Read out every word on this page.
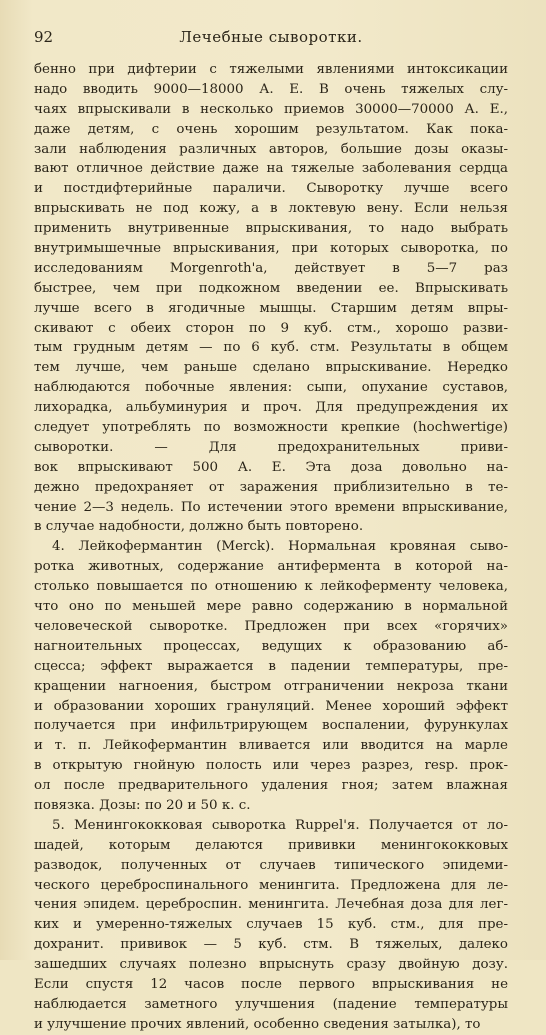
92	Лечебные сыворотки.
бенно при дифтерии с тяжелыми явлениями интоксикации
надо вводить 9000—18000 А. Е. В очень тяжелых слу-
чаях впрыскивали в несколько приемов 30000—70000 А. Е.,
даже детям, с очень хорошим результатом. Как пока-
зали наблюдения различных авторов, большие дозы оказы-
вают отличное действие даже на тяжелые заболевания сердца
и постдифтерийные параличи. Сыворотку лучше всего
впрыскивать не под кожу, а в локтевую вену. Если нельзя
применить внутривенные впрыскивания, то надо выбрать
внутримышечные впрыскивания, при которых сыворотка, по
исследованиям Morgenroth'a, действует в 5—7 раз
быстрее, чем при подкожном введении ее. Впрыскивать
лучше всего в ягодичные мышцы. Старшим детям впры-
скивают с обеих сторон по 9 куб. стм., хорошо разви-
тым грудным детям — по 6 куб. стм. Результаты в общем
тем лучше, чем раньше сделано впрыскивание. Нередко
наблюдаются побочные явления: сыпи, опухание суставов,
лихорадка, альбуминурия и проч. Для предупреждения их
следует употреблять по возможности крепкие (hochwertige)
сыворотки. — Для предохранительных приви-
вок впрыскивают 500 А. Е. Эта доза довольно на-
дежно предохраняет от заражения приблизительно в те-
чение 2—3 недель. По истечении этого времени впрыскивание,
в случае надобности, должно быть повторено.
4. Лейкофермантин (Merck). Нормальная кровяная сыво-
ротка животных, содержание антифермента в которой на-
столько повышается по отношению к лейкоферменту человека,
что оно по меньшей мере равно содержанию в нормальной
человеческой сыворотке. Предложен при всех «горячих»
нагноительных процессах, ведущих к образованию аб-
сцесса; эффект выражается в падении температуры, пре-
кращении нагноения, быстром отграничении некроза ткани
и образовании хороших грануляций. Менее хороший эффект
получается при инфильтрирующем воспалении, фурункулах
и т. п. Лейкофермантин вливается или вводится на марле
в открытую гнойную полость или через разрез, resp. прок-
ол после предварительного удаления гноя; затем влажная
повязка. Дозы: по 20 и 50 к. с.
5. Менингококковая сыворотка Ruppel'я. Получается от ло-
шадей, которым делаются прививки менингококковых
разводок, полученных от случаев типического эпидеми-
ческого цереброспинального менингита. Предложена для ле-
чения эпидем. цереброспин. менингита. Лечебная доза для лег-
ких и умеренно-тяжелых случаев 15 куб. стм., для пре-
дохранит. прививок — 5 куб. стм. В тяжелых, далеко
зашедших случаях полезно впрыснуть сразу двойную дозу.
Если спустя 12 часов после первого впрыскивания не
наблюдается заметного улучшения (падение температуры
и улучшение прочих явлений, особенно сведения затылка), то
